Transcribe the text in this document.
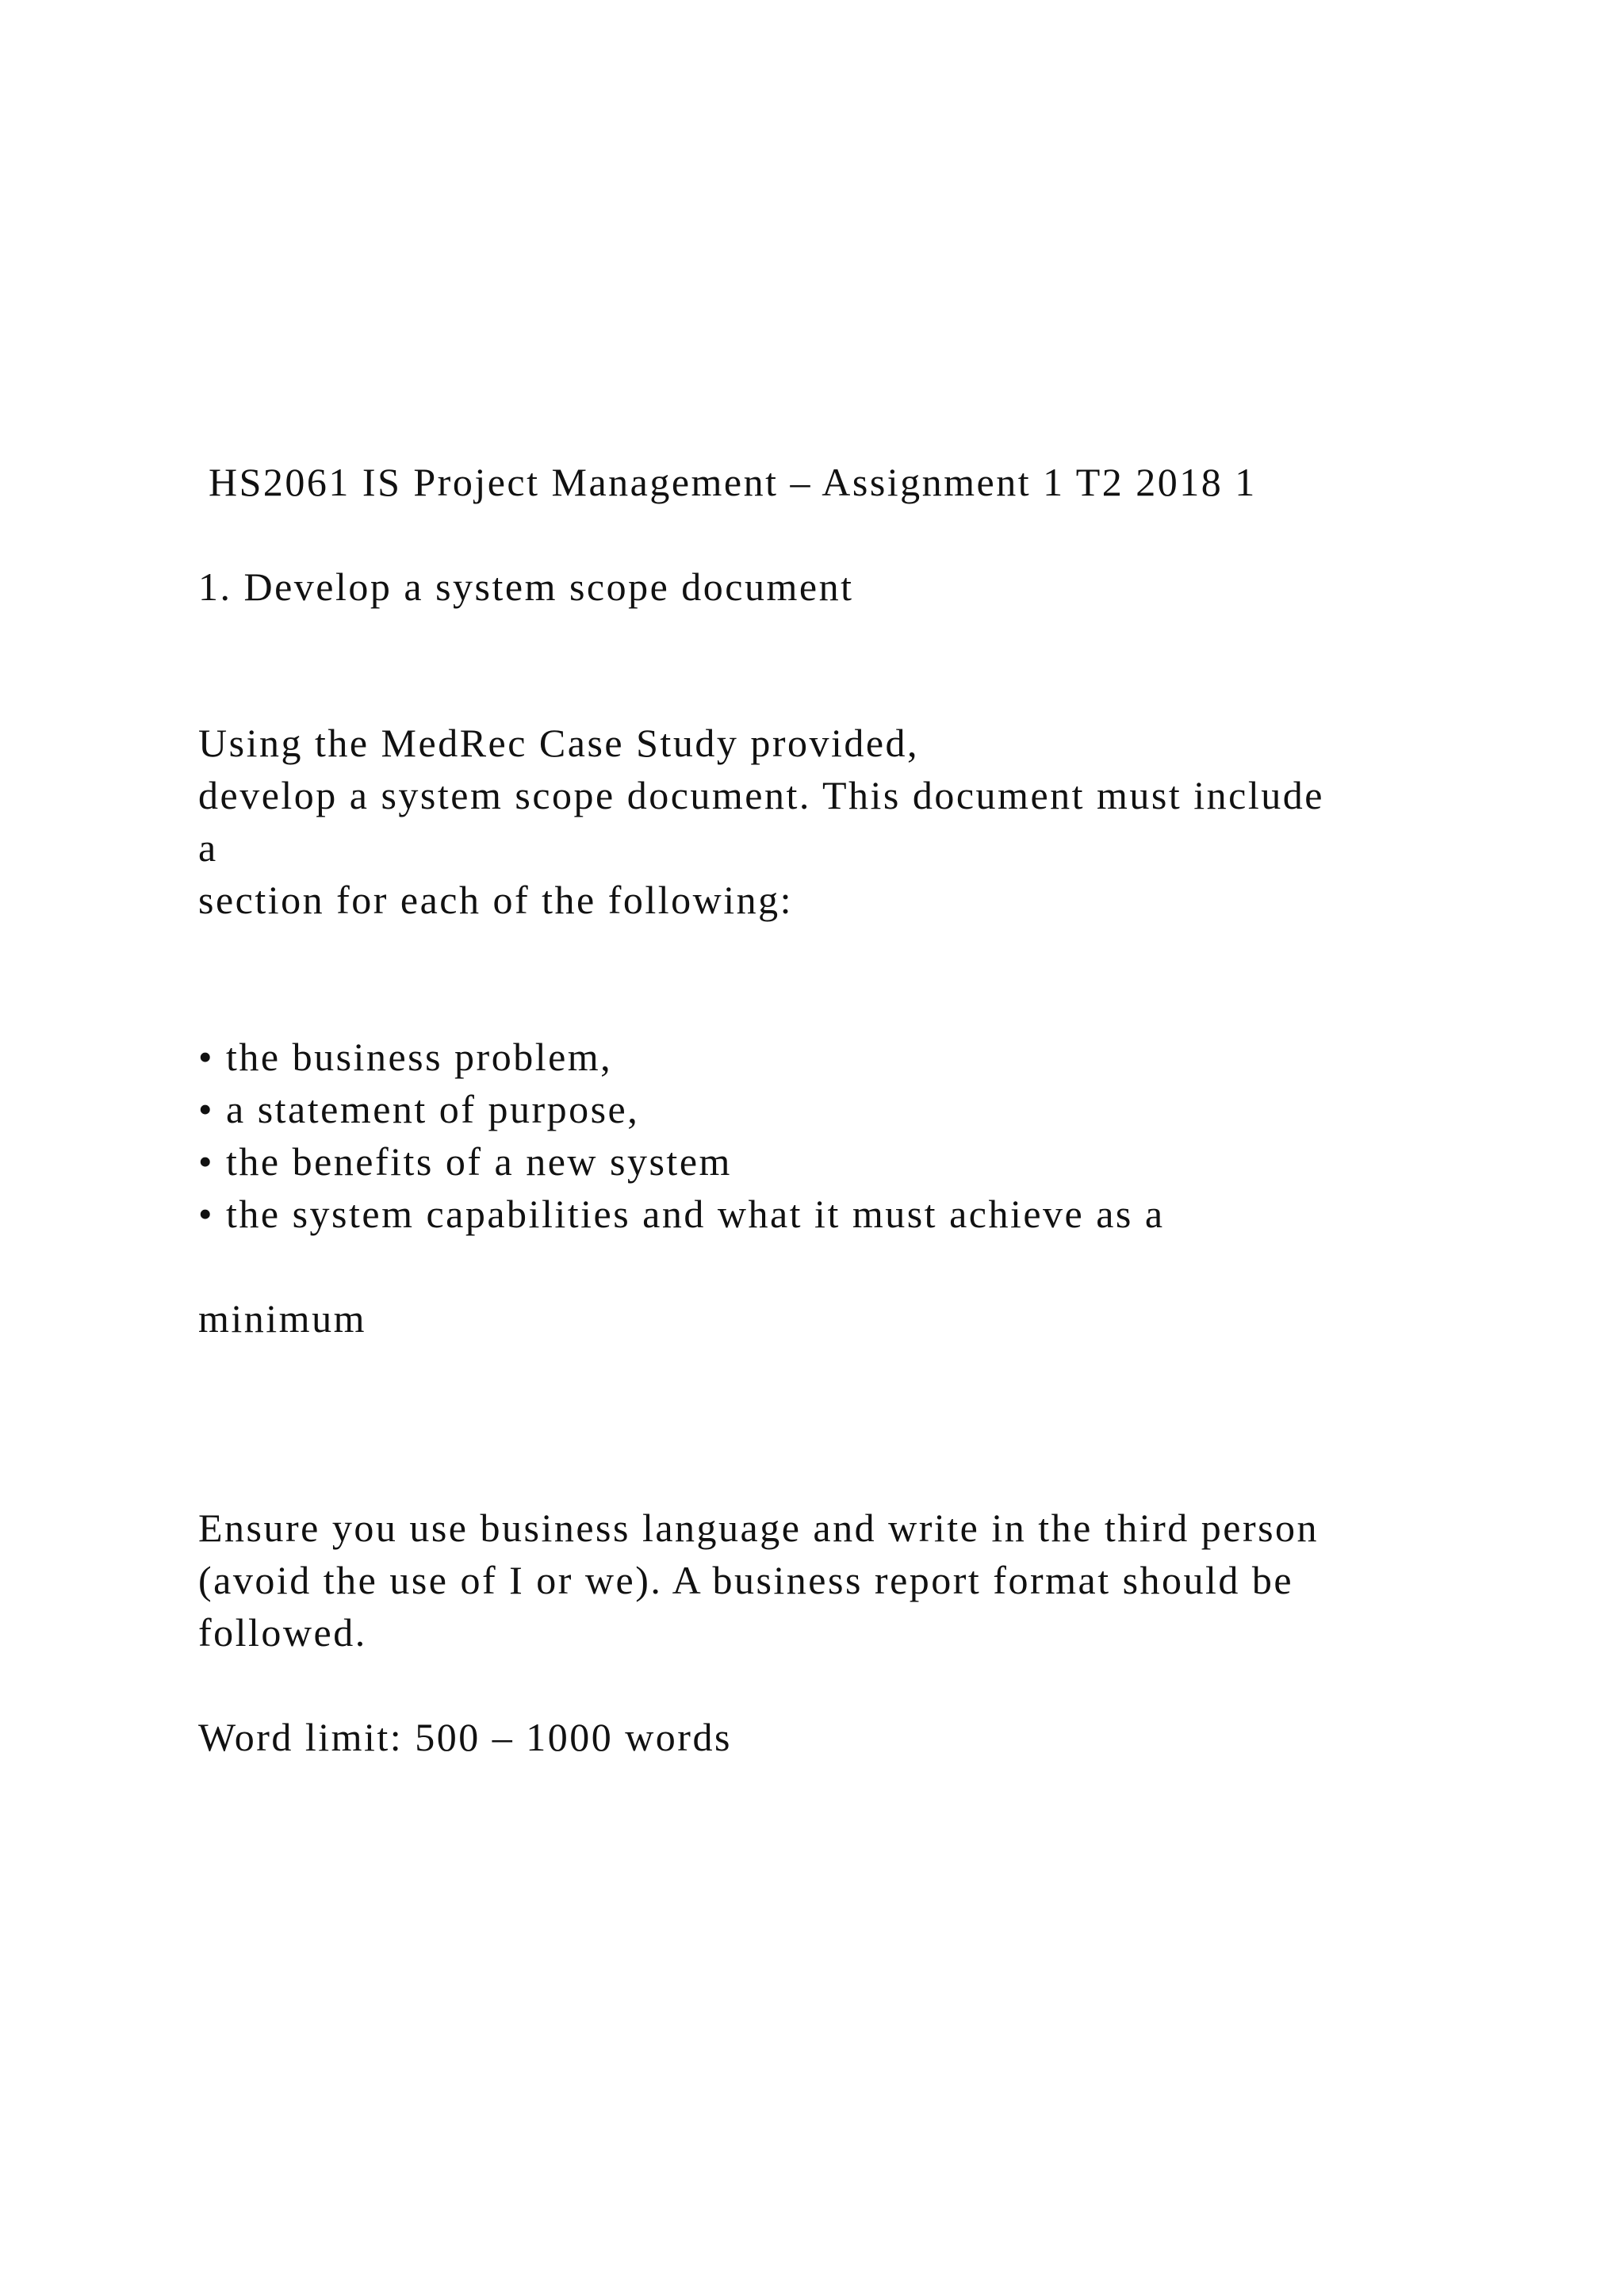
HS2061 IS Project Management – Assignment 1 T2 2018 1
1. Develop a system scope document
Using the MedRec Case Study provided,
develop a system scope document. This document must include
a
section for each of the following:
• the business problem,
• a statement of purpose,
• the benefits of a new system
• the system capabilities and what it must achieve as a
minimum
Ensure you use business language and write in the third person
(avoid the use of I or we). A business report format should be
followed.
Word limit: 500 – 1000 words
